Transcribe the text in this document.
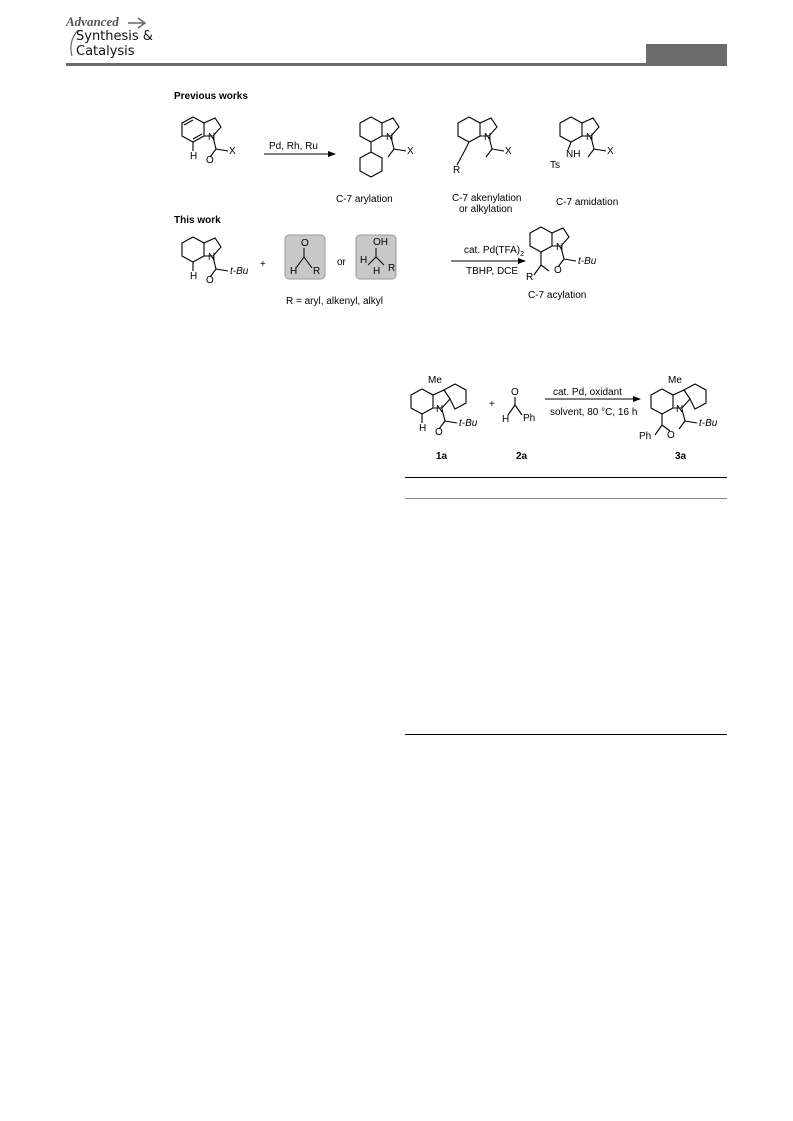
Advanced
Synthesis &
Catalysis
Previous works
Pd, Rh, Ru
H
N
O
X
N
X
C-7 arylation
N
X
R
C-7 akenylation
or alkylation
N
X
NH
Ts
C-7 amidation
This work
H
N
O
t-Bu
+
H
O
R
or
OH
H
H R
R = aryl, alkenyl, alkyl
cat. $Pd(TFA)_2$
TBHP, DCE
N
O
t-Bu
R
C-7 acylation
Me
N
H O
t-Bu
1a
+
O
H Ph
2a
cat. Pd, oxidant
solvent, 80 °C, 16 h
Me
N
Ph O
t-Bu
3a
